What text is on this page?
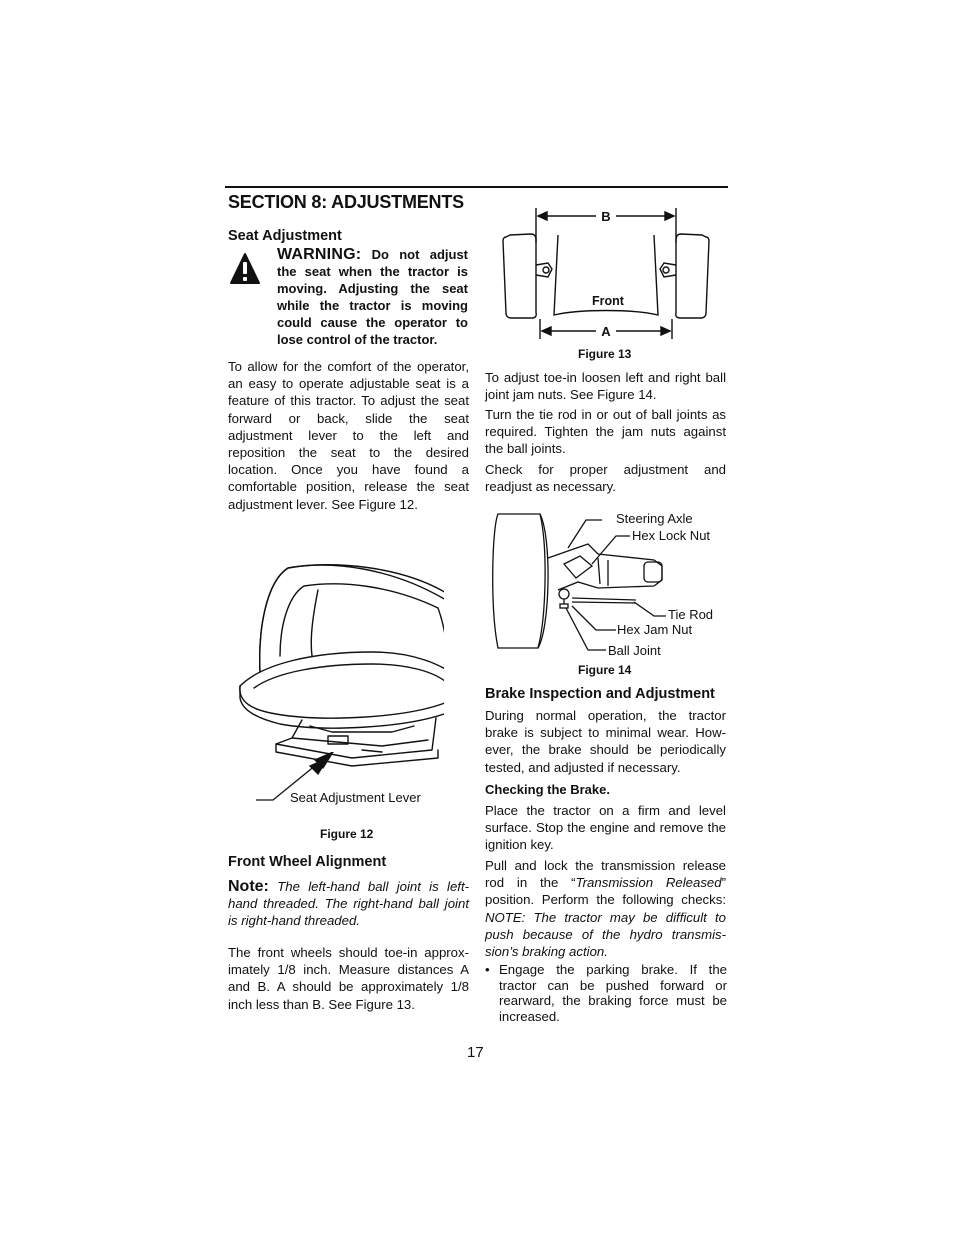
SECTION 8: ADJUSTMENTS
Seat Adjustment
WARNING: Do not adjust the seat when the tractor is moving. Adjusting the seat while the tractor is moving could cause the operator to lose control of the tractor.
To allow for the comfort of the operator, an easy to operate adjustable seat is a feature of this tractor. To adjust the seat forward or back, slide the seat adjustment lever to the left and reposition the seat to the desired location. Once you have found a comfortable position, release the seat adjustment lever. See Figure 12.
Seat Adjustment Lever
Figure 12
Front Wheel Alignment
Note: The left-hand ball joint is left-hand threaded. The right-hand ball joint is right-hand threaded.
The front wheels should toe-in approx-imately 1/8 inch. Measure distances A and B. A should be approximately 1/8 inch less than B. See Figure 13.
B
A
Front
Figure 13
To adjust toe-in loosen left and right ball joint jam nuts. See Figure 14.
Turn the tie rod in or out of ball joints as required. Tighten the jam nuts against the ball joints.
Check for proper adjustment and readjust as necessary.
Steering Axle
Hex Lock Nut
Tie Rod
Hex Jam Nut
Ball Joint
Figure 14
Brake Inspection and Adjustment
During normal operation, the tractor brake is subject to minimal wear. How-ever, the brake should be periodically tested, and adjusted if necessary.
Checking the Brake.
Place the tractor on a firm and level surface. Stop the engine and remove the ignition key.
Pull and lock the transmission release rod in the “Transmission Released” position. Perform the following checks: NOTE: The tractor may be difficult to push because of the hydro transmis-sion’s braking action.
• Engage the parking brake. If the tractor can be pushed forward or rearward, the braking force must be increased.
17
